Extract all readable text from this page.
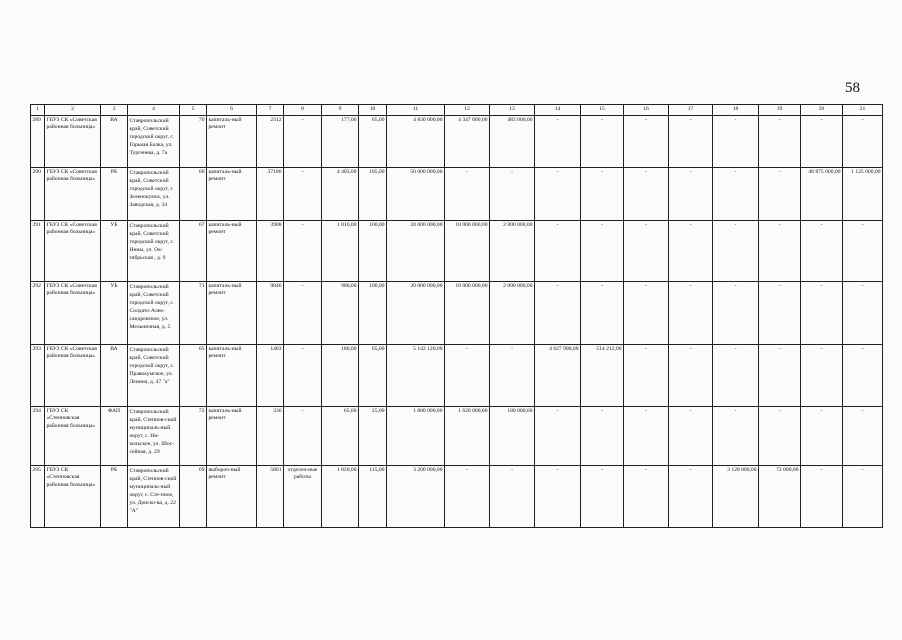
58
1	2	3	4	5	6	7	8	9	10	11	12	13	14	15	16	17	18	19	20	21
289	ГБУЗ СК «Советская районная больница»	ВА	Ставропольский край, Советский городской округ, с. Горькая Балка, ул. Тургенева, д. 7а	70	капиталь-ный ремонт	2312	-	177,00	65,00	4 830 000,00	4 347 000,00	483 000,00	-	-	-	-	-	-	-	-
290	ГБУЗ СК «Советская районная больница»	РБ	Ставропольский край, Советский городской округ, г. Зеленокумск, ул. Заводская, д. 34	66	капиталь-ный ремонт	37186	-	4 403,00	105,00	50 000 000,00	-	-	-	-	-	-	-	-	48 875 000,00	1 125 000,00
291	ГБУЗ СК «Советская районная больница»	УБ	Ставропольский край, Советский городской округ, с. Нины, ул. Ок-тябрьская , д. 9	67	капиталь-ный ремонт	3908	-	1 016,00	100,00	20 000 000,00	18 000 000,00	2 000 000,00	-	-	-	-	-	-	-	-
292	ГБУЗ СК «Советская районная больница»	УБ	Ставропольский край, Советский городской округ, с. Солдато-Алек-сандровское, ул. Мельничная, д. 5	71	капиталь-ный ремонт	9846	-	980,00	100,00	20 000 000,00	18 000 000,00	2 000 000,00	-	-	-	-	-	-	-	-
293	ГБУЗ СК «Советская районная больница»	ВА	Ставропольский край, Советский городской округ, с. Правокумское, ул. Ленина, д. 47 "а"	65	капиталь-ный ремонт	1403	-	180,00	65,00	5 142 120,00	-	-	4 627 908,00	514 212,00	-	-	-	-	-	-
294	ГБУЗ СК «Степновская районная больница»	ФАП	Ставропольский край, Степнов-ский муниципаль-ный округ, с. Ни-кольское, ул. Шос-сейная, д. 29	72	капиталь-ный ремонт	336	-	65,00	25,00	1 800 000,00	1 620 000,00	180 000,00	-	-	-	-	-	-	-	-
295	ГБУЗ СК «Степновская районная больница»	РБ	Ставропольский край, Степнов-ский муниципаль-ный округ, с. Сте-пное, ул. Донско-ва, д. 22 "А"	69	выбороч-ный ремонт	5861	отделоч-ные работы	1 820,00	115,00	3 200 000,00	-	-	-	-	-	-	3 128 000,00	72 000,00	-	-
